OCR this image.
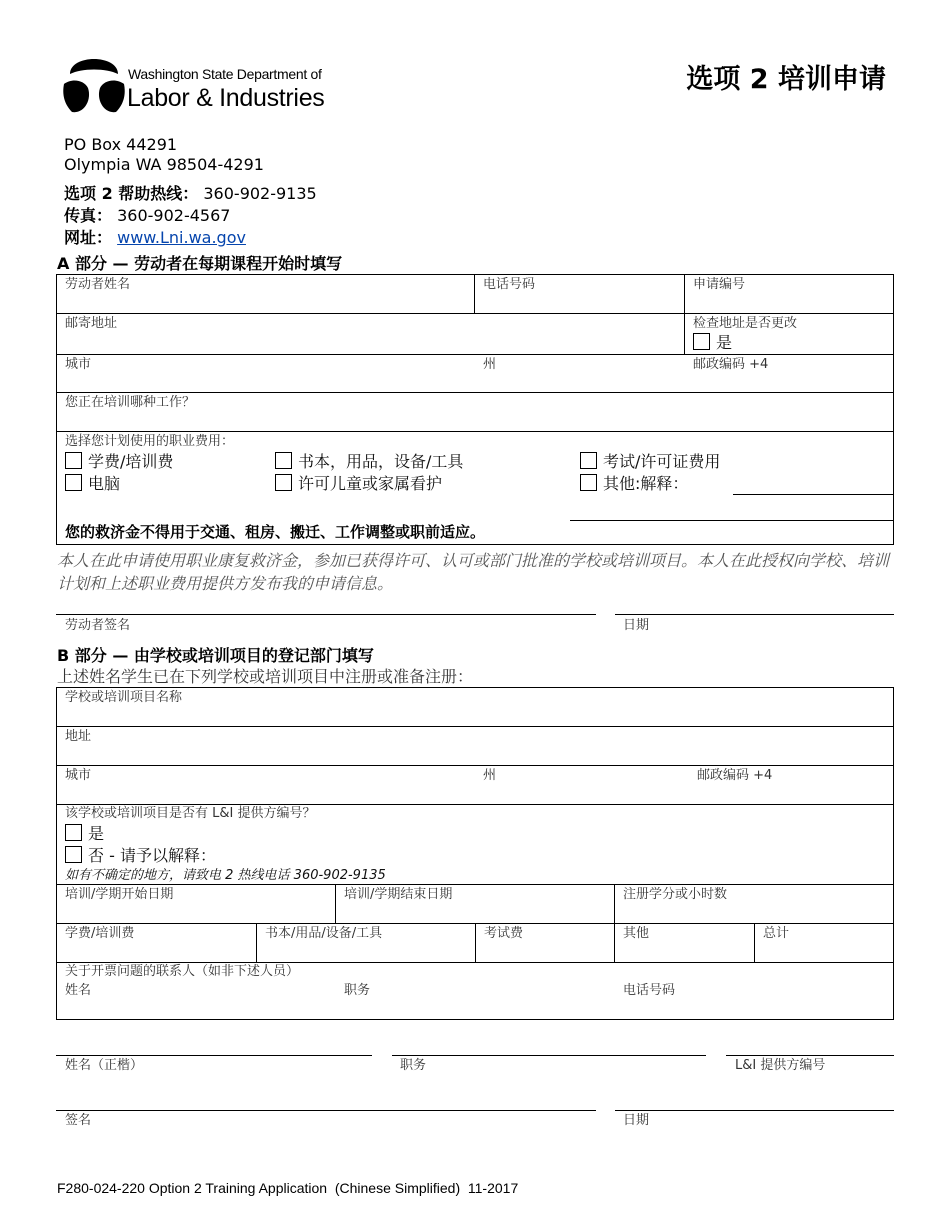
Washington State Department of
Labor & Industries
选项 2 培训申请
PO Box 44291
Olympia WA 98504-4291
选项 2 帮助热线： 360-902-9135
传真： 360-902-4567
网址： www.Lni.wa.gov
A 部分 — 劳动者在每期课程开始时填写
劳动者姓名	电话号码	申请编号
邮寄地址	检查地址是否更改
是
城市	州	邮政编码 +4
您正在培训哪种工作？
选择您计划使用的职业费用：
学费/培训费	书本，用品，设备/工具	考试/许可证费用
电脑	许可儿童或家属看护	其他:解释：
您的救济金不得用于交通、租房、搬迁、工作调整或职前适应。
本人在此申请使用职业康复救济金，参加已获得许可、认可或部门批准的学校或培训项目。本人在此授权向学校、培训计划和上述职业费用提供方发布我的申请信息。
劳动者签名	日期
B 部分 — 由学校或培训项目的登记部门填写
上述姓名学生已在下列学校或培训项目中注册或准备注册：
学校或培训项目名称
地址
城市	州	邮政编码 +4
该学校或培训项目是否有 L&I 提供方编号？
是
否 - 请予以解释：
如有不确定的地方，请致电 2 热线电话 360-902-9135
培训/学期开始日期	培训/学期结束日期	注册学分或小时数
学费/培训费	书本/用品/设备/工具	考试费	其他	总计
关于开票问题的联系人（如非下述人员）
姓名	职务	电话号码
姓名（正楷）	职务	L&I 提供方编号
签名	日期
F280-024-220 Option 2 Training Application  (Chinese Simplified)  11-2017
